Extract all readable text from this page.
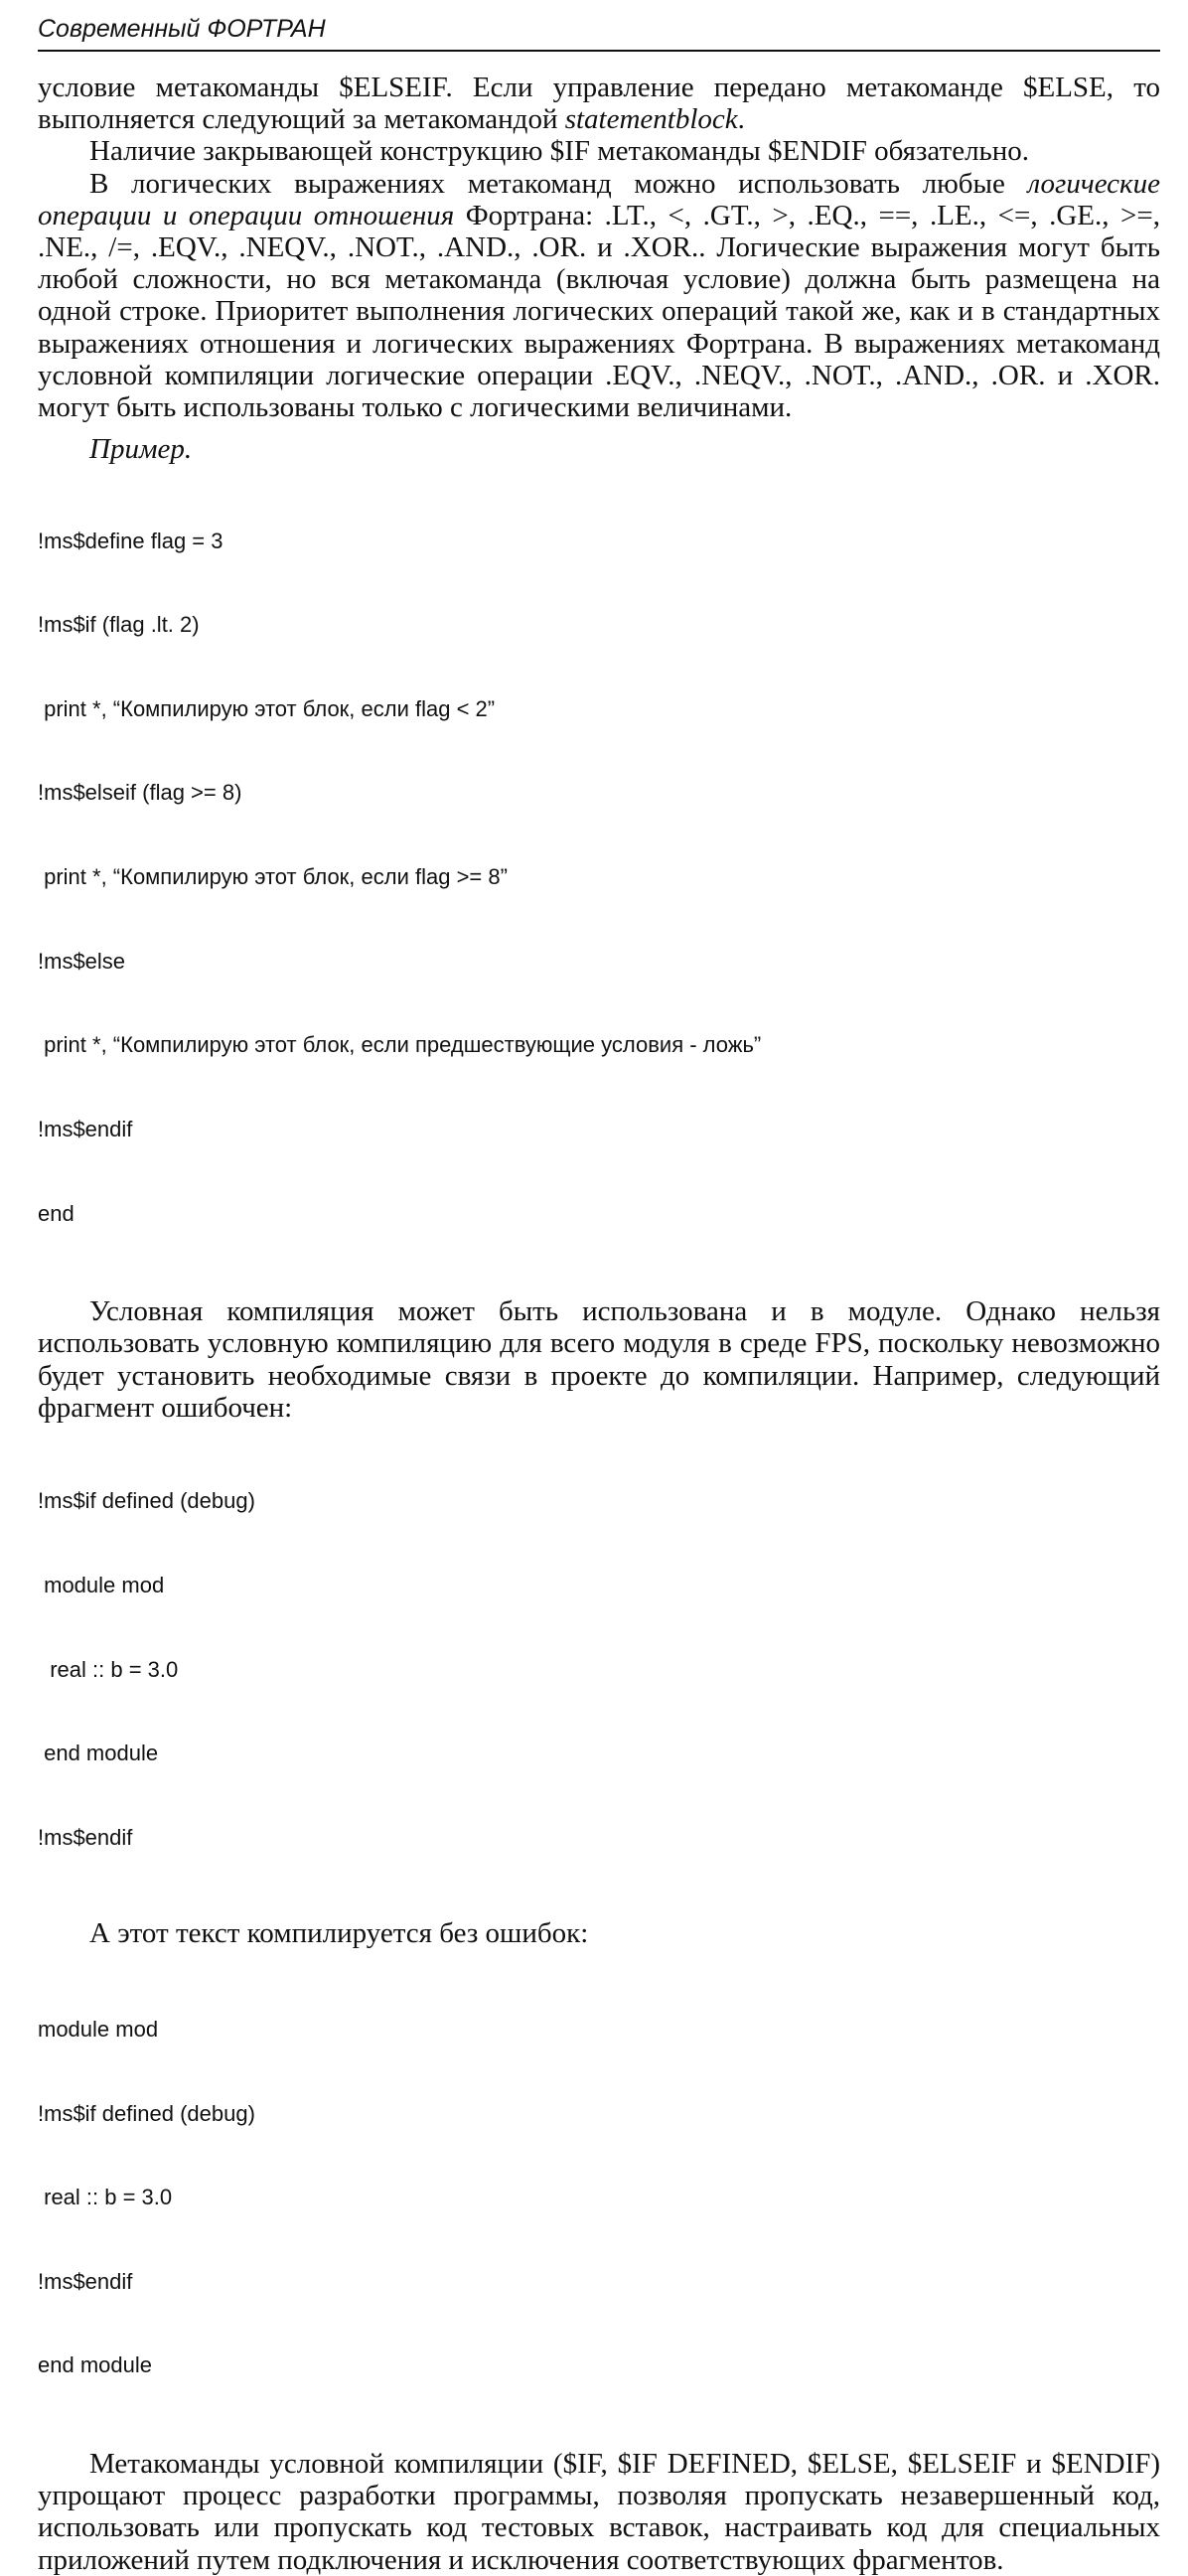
Современный ФОРТРАН

условие метакоманды $ELSEIF. Если управление передано метакоманде $ELSE, то выполняется следующий за метакомандой statementblock.

Наличие закрывающей конструкцию $IF метакоманды $ENDIF обязательно.

В логических выражениях метакоманд можно использовать любые логические операции и операции отношения Фортрана: .LT., <, .GT., >, .EQ., ==, .LE., <=, .GE., >=, .NE., /=, .EQV., .NEQV., .NOT., .AND., .OR. и .XOR.. Логические выражения могут быть любой сложности, но вся метакоманда (включая условие) должна быть размещена на одной строке. Приоритет выполнения логических операций такой же, как и в стандартных выражениях отношения и логических выражениях Фортрана. В выражениях метакоманд условной компиляции логические операции .EQV., .NEQV., .NOT., .AND., .OR. и .XOR. могут быть использованы только с логическими величинами.

Пример.

!ms$define flag = 3

!ms$if (flag .lt. 2)

print *, “Компилирую этот блок, если flag < 2”

!ms$elseif (flag >= 8)

print *, “Компилирую этот блок, если flag >= 8”

!ms$else

print *, “Компилирую этот блок, если предшествующие условия - ложь”

!ms$endif

end

Условная компиляция может быть использована и в модуле. Однако нельзя использовать условную компиляцию для всего модуля в среде FPS, поскольку невозможно будет установить необходимые связи в проекте до компиляции. Например, следующий фрагмент ошибочен:

!ms$if defined (debug)

module mod

real :: b = 3.0

end module

!ms$endif

А этот текст компилируется без ошибок:

module mod

!ms$if defined (debug)

real :: b = 3.0

!ms$endif

end module

Метакоманды условной компиляции ($IF, $IF DEFINED, $ELSE, $ELSEIF и $ENDIF) упрощают процесс разработки программы, позволяя пропускать незавершенный код, использовать или пропускать код тестовых вставок, настраивать код для специальных приложений путем подключения и исключения соответствующих фрагментов.
